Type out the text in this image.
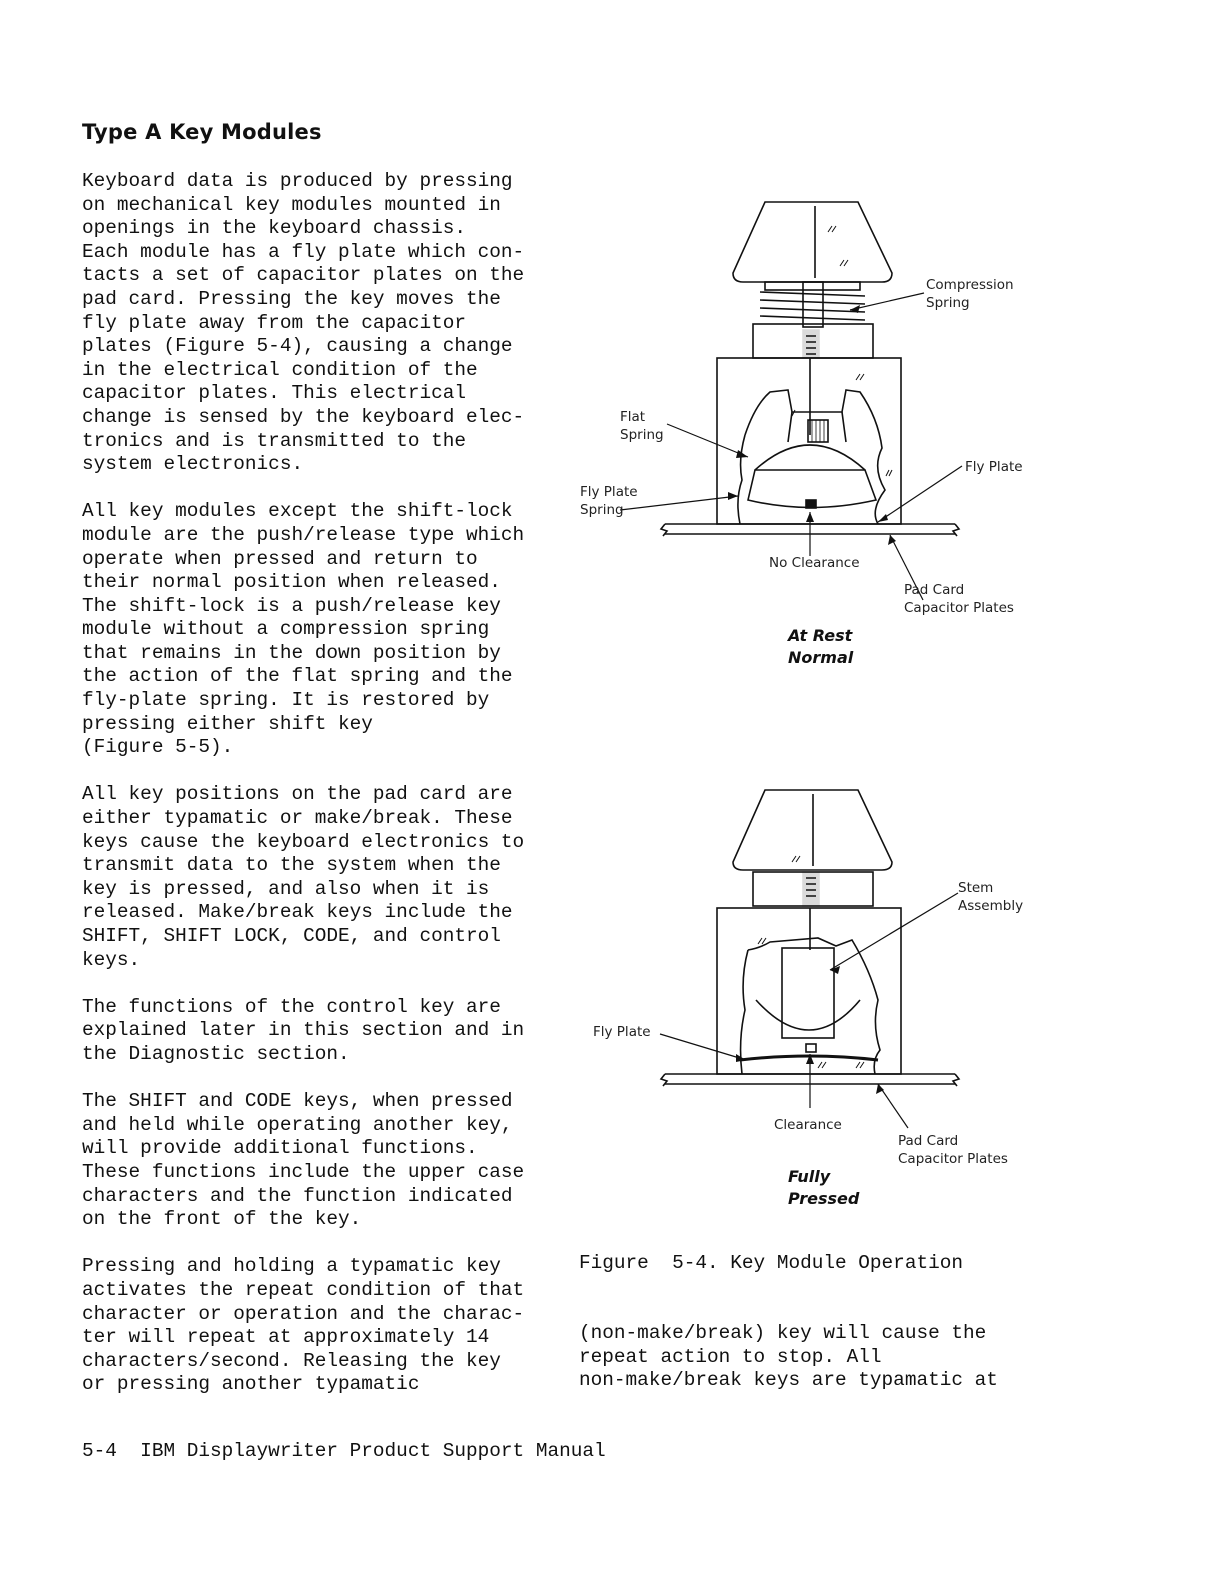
Type A Key Modules

Keyboard data is produced by pressing
on mechanical key modules mounted in
openings in the keyboard chassis.
Each module has a fly plate which con-
tacts a set of capacitor plates on the
pad card. Pressing the key moves the
fly plate away from the capacitor
plates (Figure 5-4), causing a change
in the electrical condition of the
capacitor plates. This electrical
change is sensed by the keyboard elec-
tronics and is transmitted to the
system electronics.

All key modules except the shift-lock
module are the push/release type which
operate when pressed and return to
their normal position when released.
The shift-lock is a push/release key
module without a compression spring
that remains in the down position by
the action of the flat spring and the
fly-plate spring. It is restored by
pressing either shift key
(Figure 5-5).

All key positions on the pad card are
either typamatic or make/break. These
keys cause the keyboard electronics to
transmit data to the system when the
key is pressed, and also when it is
released. Make/break keys include the
SHIFT, SHIFT LOCK, CODE, and control
keys.

The functions of the control key are
explained later in this section and in
the Diagnostic section.

The SHIFT and CODE keys, when pressed
and held while operating another key,
will provide additional functions.
These functions include the upper case
characters and the function indicated
on the front of the key.

Pressing and holding a typamatic key
activates the repeat condition of that
character or operation and the charac-
ter will repeat at approximately 14
characters/second. Releasing the key
or pressing another typamatic

Compression
Spring
Flat
Spring
Fly Plate
Fly Plate
Spring
No Clearance
Pad Card
Capacitor Plates
At Rest
Normal
Stem
Assembly
Fly Plate
Clearance
Pad Card
Capacitor Plates
Fully
Pressed
Figure  5-4. Key Module Operation

(non-make/break) key will cause the
repeat action to stop. All
non-make/break keys are typamatic at

5-4  IBM Displaywriter Product Support Manual
